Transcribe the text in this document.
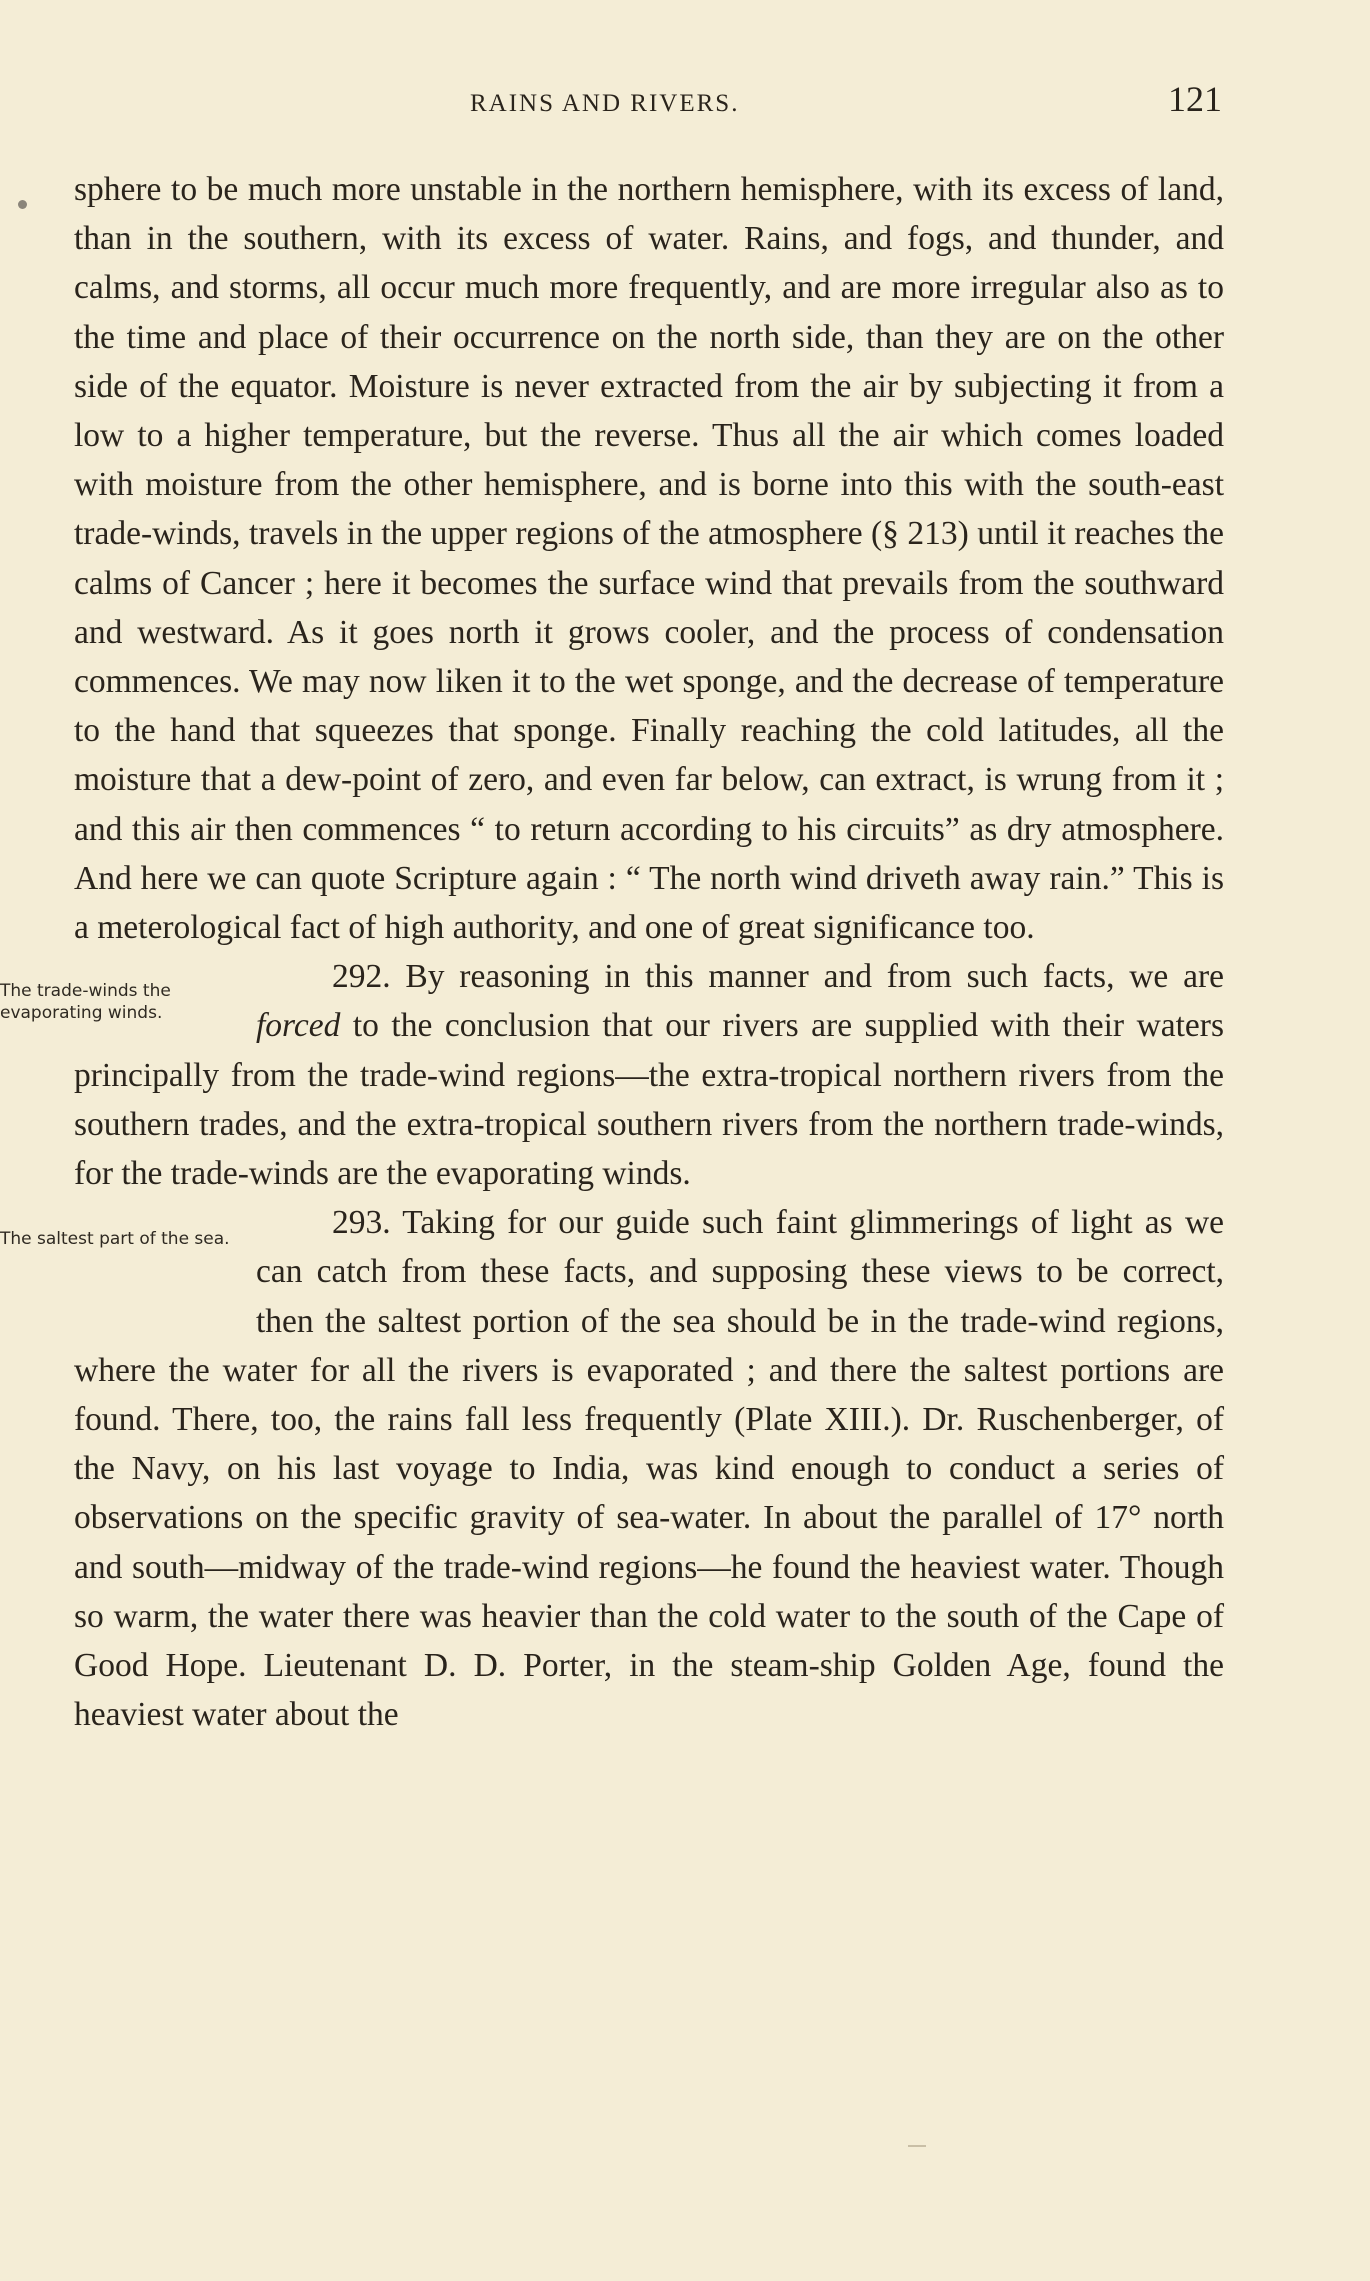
RAINS AND RIVERS.	121

sphere to be much more unstable in the northern hemisphere, with its excess of land, than in the southern, with its excess of water. Rains, and fogs, and thunder, and calms, and storms, all occur much more frequently, and are more irregular also as to the time and place of their occurrence on the north side, than they are on the other side of the equator. Moisture is never extracted from the air by subjecting it from a low to a higher temperature, but the reverse. Thus all the air which comes loaded with moisture from the other hemisphere, and is borne into this with the south-east trade-winds, travels in the upper regions of the atmosphere (§ 213) until it reaches the calms of Cancer ; here it becomes the surface wind that prevails from the southward and westward. As it goes north it grows cooler, and the process of condensation commences. We may now liken it to the wet sponge, and the decrease of temperature to the hand that squeezes that sponge. Finally reaching the cold latitudes, all the moisture that a dew-point of zero, and even far below, can extract, is wrung from it ; and this air then commences “ to return according to his circuits” as dry atmosphere. And here we can quote Scripture again : “ The north wind driveth away rain.” This is a meterological fact of high authority, and one of great significance too.

292. By reasoning in this manner and from such facts, we are
The trade-winds the evaporating winds.	forced to the conclusion that our rivers are supplied with their waters principally from the trade-wind regions—the extra-tropical northern rivers from the southern trades, and the extra-tropical southern rivers from the northern trade-winds, for the trade-winds are the evaporating winds.

293. Taking for our guide such faint glimmerings of light as
The saltest part of the sea.	we can catch from these facts, and supposing these views to be correct, then the saltest portion of the sea should be in the trade-wind regions, where the water for all the rivers is evaporated ; and there the saltest portions are found. There, too, the rains fall less frequently (Plate XIII.). Dr. Ruschenberger, of the Navy, on his last voyage to India, was kind enough to conduct a series of observations on the specific gravity of sea-water. In about the parallel of 17° north and south—midway of the trade-wind regions—he found the heaviest water. Though so warm, the water there was heavier than the cold water to the south of the Cape of Good Hope. Lieutenant D. D. Porter, in the steam-ship Golden Age, found the heaviest water about the
